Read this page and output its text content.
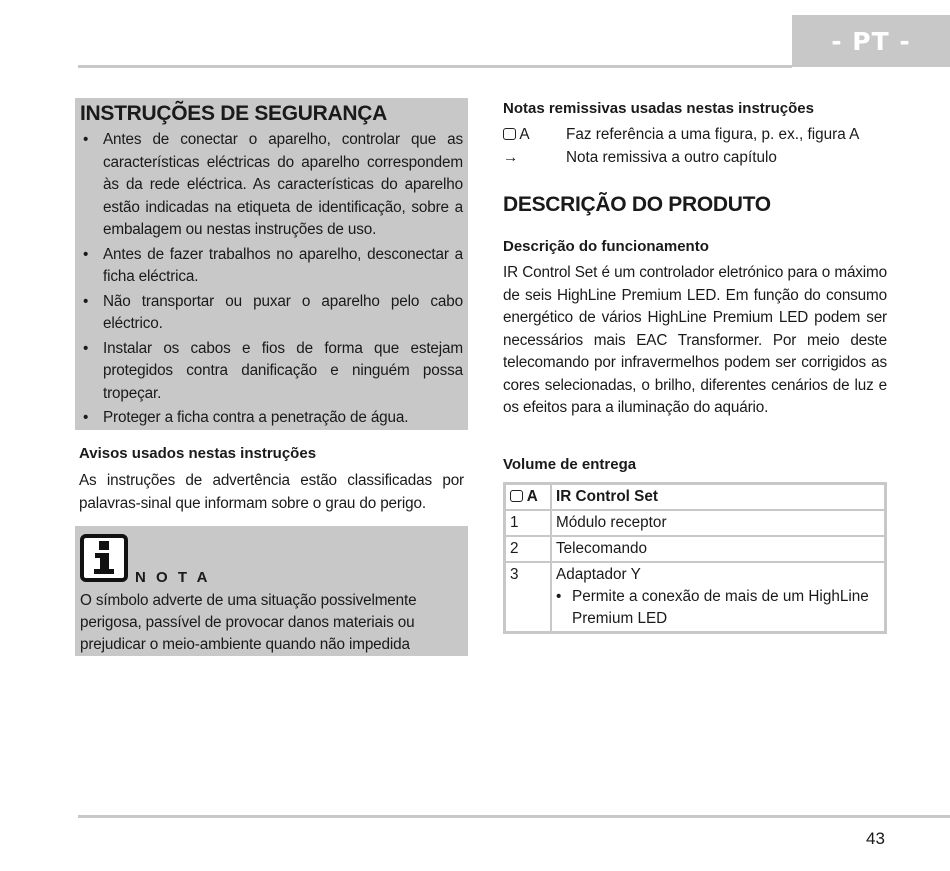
- PT -
INSTRUÇÕES DE SEGURANÇA
• Antes de conectar o aparelho, controlar que as características eléctricas do aparelho correspondem às da rede eléctrica. As características do aparelho estão indicadas na etiqueta de identificação, sobre a embalagem ou nestas instruções de uso.
• Antes de fazer trabalhos no aparelho, desconectar a ficha eléctrica.
• Não transportar ou puxar o aparelho pelo cabo eléctrico.
• Instalar os cabos e fios de forma que estejam protegidos contra danificação e ninguém possa tropeçar.
• Proteger a ficha contra a penetração de água.
Avisos usados nestas instruções
As instruções de advertência estão classificadas por palavras-sinal que informam sobre o grau do perigo.
N O T A
O símbolo adverte de uma situação possivelmente perigosa, passível de provocar danos materiais ou prejudicar o meio-ambiente quando não impedida
Notas remissivas usadas nestas instruções
A Faz referência a uma figura, p. ex., figura A
→	Nota remissiva a outro capítulo
DESCRIÇÃO DO PRODUTO
Descrição do funcionamento
IR Control Set é um controlador eletrónico para o máximo de seis HighLine Premium LED. Em função do consumo energético de vários HighLine Premium LED podem ser necessários mais EAC Transformer. Por meio deste telecomando por infravermelhos podem ser corrigidos as cores selecionadas, o brilho, diferentes cenários de luz e os efeitos para a iluminação do aquário.
Volume de entrega
A	IR Control Set
1	Módulo receptor
2	Telecomando
3	Adaptador Y
• Permite a conexão de mais de um HighLine Premium LED
43
